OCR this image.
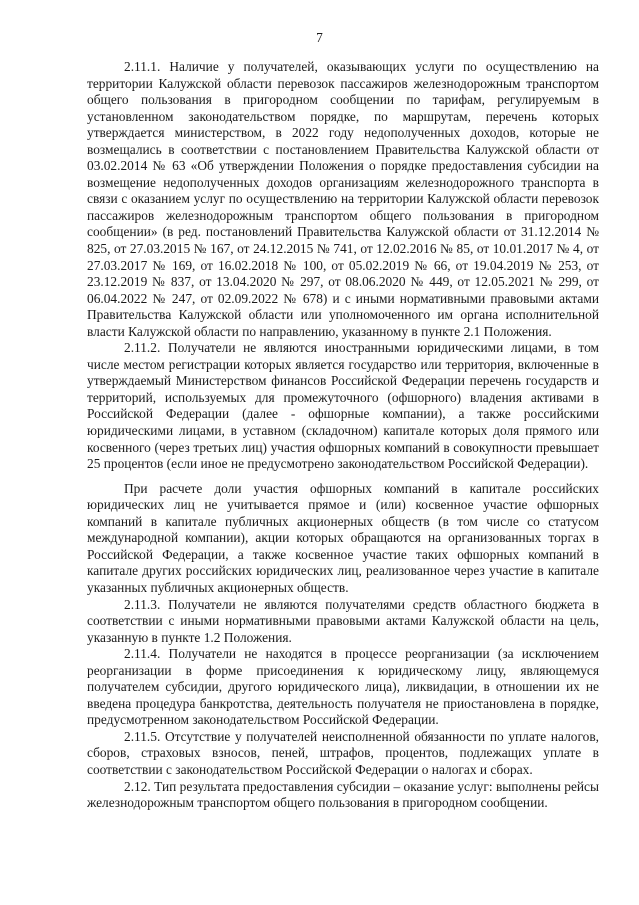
7

2.11.1. Наличие у получателей, оказывающих услуги по осуществлению на территории Калужской области перевозок пассажиров железнодорожным транспортом общего пользования в пригородном сообщении по тарифам, регулируемым в установленном законодательством порядке, по маршрутам, перечень которых утверждается министерством, в 2022 году недополученных доходов, которые не возмещались в соответствии с постановлением Правительства Калужской области от 03.02.2014 № 63 «Об утверждении Положения о порядке предоставления субсидии на возмещение недополученных доходов организациям железнодорожного транспорта в связи с оказанием услуг по осуществлению на территории Калужской области перевозок пассажиров железнодорожным транспортом общего пользования в пригородном сообщении» (в ред. постановлений Правительства Калужской области от 31.12.2014 № 825, от 27.03.2015 № 167, от 24.12.2015 № 741, от 12.02.2016 № 85, от 10.01.2017 № 4, от 27.03.2017 № 169, от 16.02.2018 № 100, от 05.02.2019 № 66, от 19.04.2019 № 253, от 23.12.2019 № 837, от 13.04.2020 № 297, от 08.06.2020 № 449, от 12.05.2021 № 299, от 06.04.2022 № 247, от 02.09.2022 № 678) и с иными нормативными правовыми актами Правительства Калужской области или уполномоченного им органа исполнительной власти Калужской области по направлению, указанному в пункте 2.1 Положения.

2.11.2. Получатели не являются иностранными юридическими лицами, в том числе местом регистрации которых является государство или территория, включенные в утверждаемый Министерством финансов Российской Федерации перечень государств и территорий, используемых для промежуточного (офшорного) владения активами в Российской Федерации (далее - офшорные компании), а также российскими юридическими лицами, в уставном (складочном) капитале которых доля прямого или косвенного (через третьих лиц) участия офшорных компаний в совокупности превышает 25 процентов (если иное не предусмотрено законодательством Российской Федерации).

При расчете доли участия офшорных компаний в капитале российских юридических лиц не учитывается прямое и (или) косвенное участие офшорных компаний в капитале публичных акционерных обществ (в том числе со статусом международной компании), акции которых обращаются на организованных торгах в Российской Федерации, а также косвенное участие таких офшорных компаний в капитале других российских юридических лиц, реализованное через участие в капитале указанных публичных акционерных обществ.

2.11.3. Получатели не являются получателями средств областного бюджета в соответствии с иными нормативными правовыми актами Калужской области на цель, указанную в пункте 1.2 Положения.

2.11.4. Получатели не находятся в процессе реорганизации (за исключением реорганизации в форме присоединения к юридическому лицу, являющемуся получателем субсидии, другого юридического лица), ликвидации, в отношении их не введена процедура банкротства, деятельность получателя не приостановлена в порядке, предусмотренном законодательством Российской Федерации.

2.11.5. Отсутствие у получателей неисполненной обязанности по уплате налогов, сборов, страховых взносов, пеней, штрафов, процентов, подлежащих уплате в соответствии с законодательством Российской Федерации о налогах и сборах.

2.12. Тип результата предоставления субсидии – оказание услуг: выполнены рейсы железнодорожным транспортом общего пользования в пригородном сообщении.
